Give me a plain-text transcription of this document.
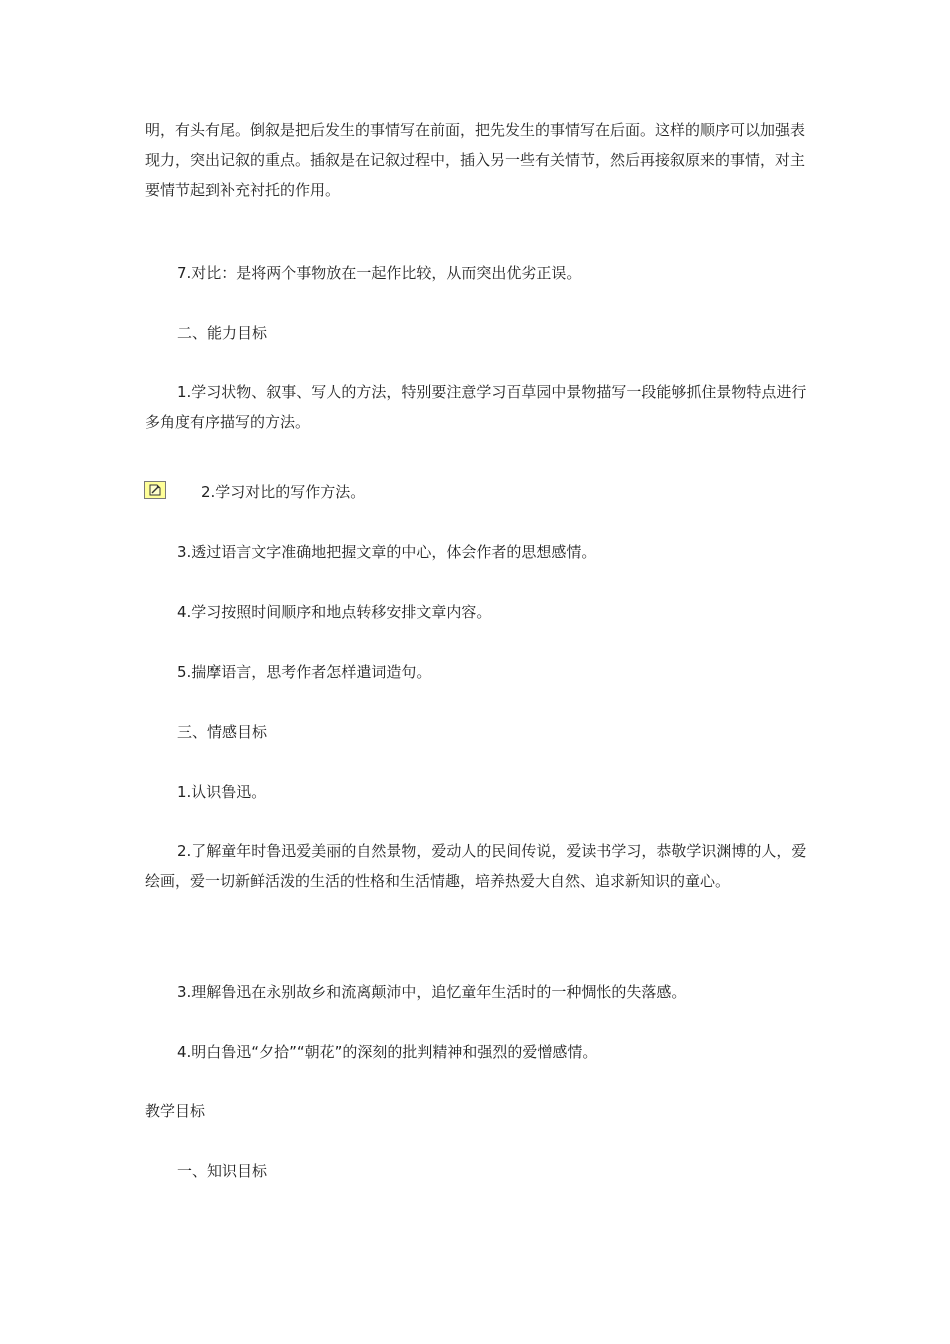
明，有头有尾。倒叙是把后发生的事情写在前面，把先发生的事情写在后面。这样的顺序可以加强表现力，突出记叙的重点。插叙是在记叙过程中，插入另一些有关情节，然后再接叙原来的事情，对主要情节起到补充衬托的作用。

7.对比：是将两个事物放在一起作比较，从而突出优劣正误。

二、能力目标

1.学习状物、叙事、写人的方法，特别要注意学习百草园中景物描写一段能够抓住景物特点进行多角度有序描写的方法。

2.学习对比的写作方法。

3.透过语言文字准确地把握文章的中心，体会作者的思想感情。

4.学习按照时间顺序和地点转移安排文章内容。

5.揣摩语言，思考作者怎样遣词造句。

三、情感目标

1.认识鲁迅。

2.了解童年时鲁迅爱美丽的自然景物，爱动人的民间传说，爱读书学习，恭敬学识渊博的人，爱绘画，爱一切新鲜活泼的生活的性格和生活情趣，培养热爱大自然、追求新知识的童心。

3.理解鲁迅在永别故乡和流离颠沛中，追忆童年生活时的一种惆怅的失落感。

4.明白鲁迅“夕拾”“朝花”的深刻的批判精神和强烈的爱憎感情。

教学目标

一、知识目标
